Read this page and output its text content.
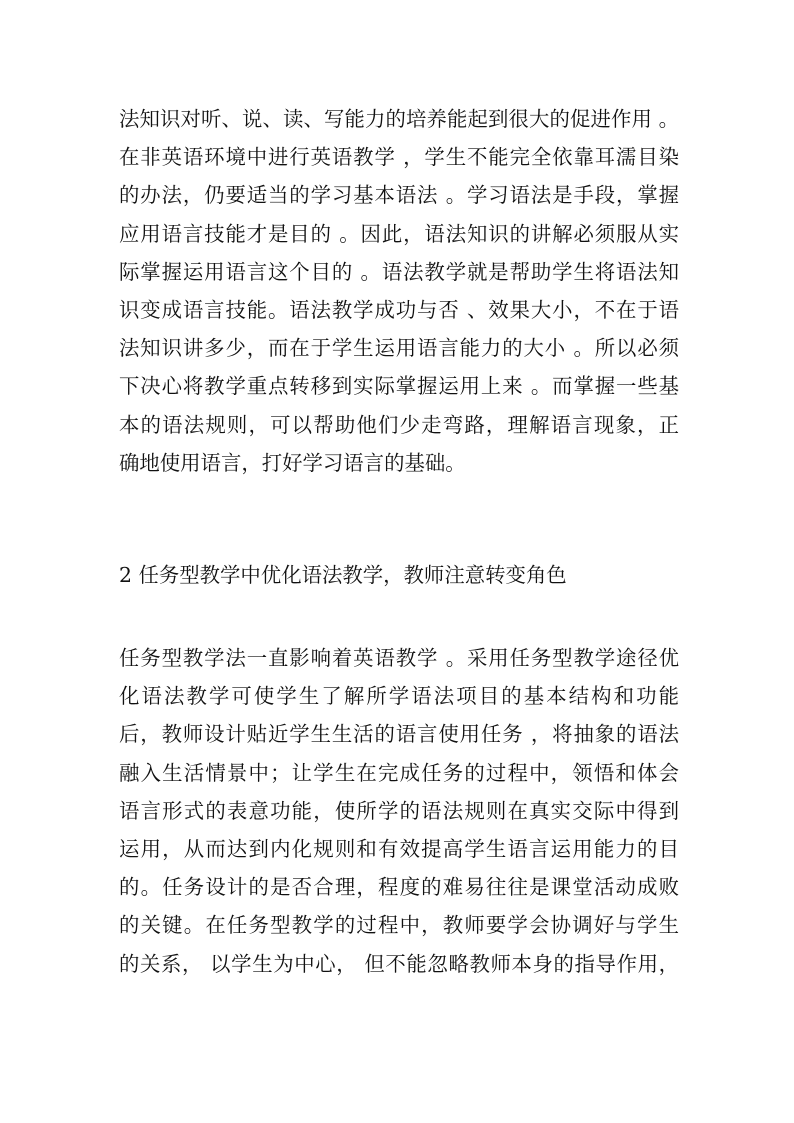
法知识对听、说、读、写能力的培养能起到很大的促进作用 。
在非英语环境中进行英语教学 ，学生不能完全依靠耳濡目染
的办法，仍要适当的学习基本语法 。学习语法是手段，掌握
应用语言技能才是目的 。因此，语法知识的讲解必须服从实
际掌握运用语言这个目的 。语法教学就是帮助学生将语法知
识变成语言技能。语法教学成功与否 、效果大小，不在于语
法知识讲多少，而在于学生运用语言能力的大小 。所以必须
下决心将教学重点转移到实际掌握运用上来 。而掌握一些基
本的语法规则，可以帮助他们少走弯路，理解语言现象，正
确地使用语言，打好学习语言的基础。
2 任务型教学中优化语法教学，教师注意转变角色
任务型教学法一直影响着英语教学 。采用任务型教学途径优
化语法教学可使学生了解所学语法项目的基本结构和功能
后，教师设计贴近学生生活的语言使用任务 ，将抽象的语法
融入生活情景中；让学生在完成任务的过程中，领悟和体会
语言形式的表意功能，使所学的语法规则在真实交际中得到
运用，从而达到内化规则和有效提高学生语言运用能力的目
的。任务设计的是否合理，程度的难易往往是课堂活动成败
的关键。在任务型教学的过程中，教师要学会协调好与学生
的关系， 以学生为中心， 但不能忽略教师本身的指导作用，
